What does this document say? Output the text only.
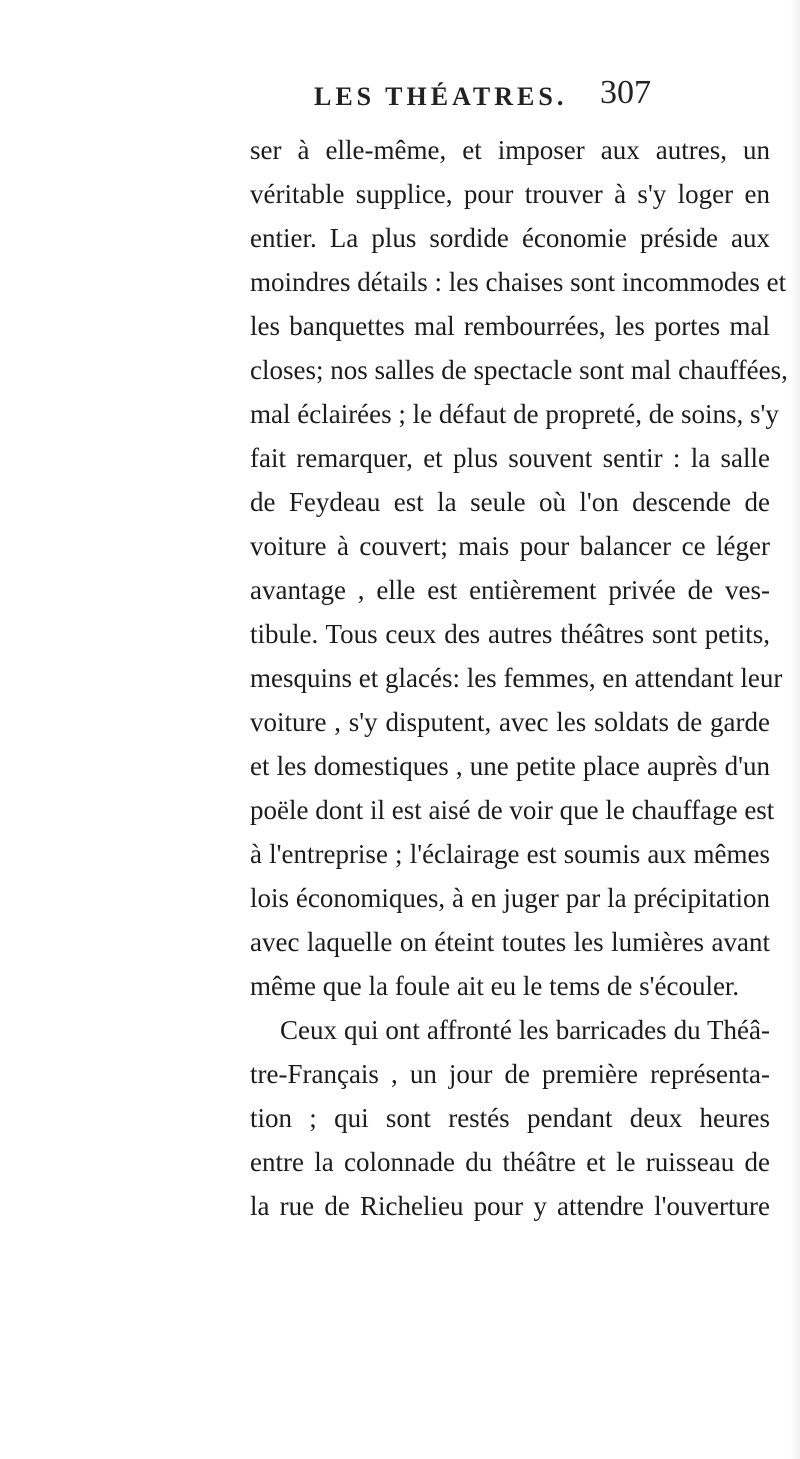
LES THÉATRES. 307
ser à elle-même, et imposer aux autres, un
véritable supplice, pour trouver à s'y loger en
entier. La plus sordide économie préside aux
moindres détails : les chaises sont incommodes et
les banquettes mal rembourrées, les portes mal
closes; nos salles de spectacle sont mal chauffées,
mal éclairées ; le défaut de propreté, de soins, s'y
fait remarquer, et plus souvent sentir : la salle
de Feydeau est la seule où l'on descende de
voiture à couvert; mais pour balancer ce léger
avantage , elle est entièrement privée de ves-
tibule. Tous ceux des autres théâtres sont petits,
mesquins et glacés: les femmes, en attendant leur
voiture , s'y disputent, avec les soldats de garde
et les domestiques , une petite place auprès d'un
poële dont il est aisé de voir que le chauffage est
à l'entreprise ; l'éclairage est soumis aux mêmes
lois économiques, à en juger par la précipitation
avec laquelle on éteint toutes les lumières avant
même que la foule ait eu le tems de s'écouler.
Ceux qui ont affronté les barricades du Théâ-
tre-Français , un jour de première représenta-
tion ; qui sont restés pendant deux heures
entre la colonnade du théâtre et le ruisseau de
la rue de Richelieu pour y attendre l'ouverture
